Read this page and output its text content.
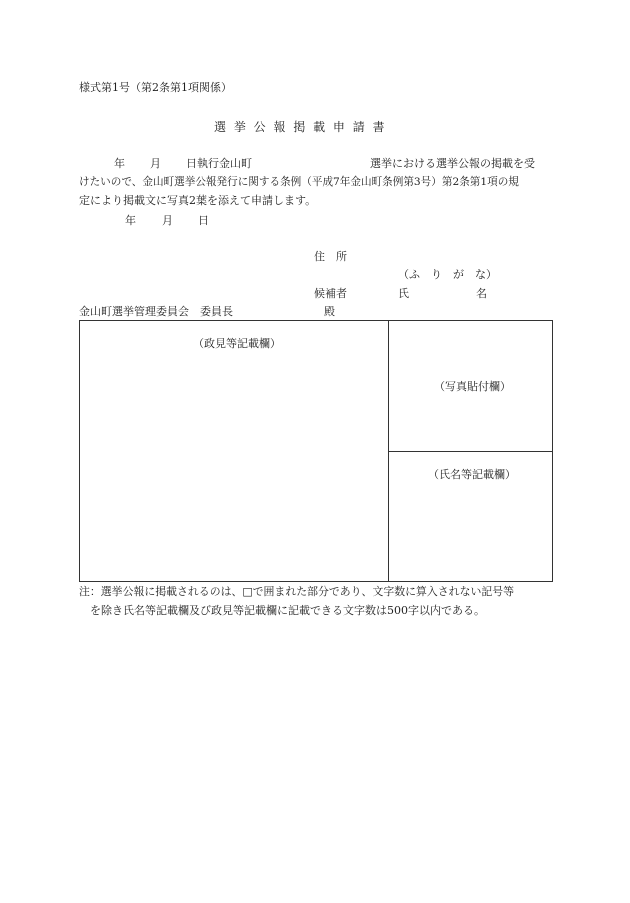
様式第1号（第2条第1項関係）
選 挙 公 報 掲 載 申 請 書
年 月 日執行金山町	選挙における選挙公報の掲載を受
けたいので、金山町選挙公報発行に関する条例（平成7年金山町条例第3号）第2条第1項の規
定により掲載文に写真2葉を添えて申請します。
年 月 日
住　所
（ふ　り　が　な）
候補者	氏	名
金山町選挙管理委員会　委員長	殿
（政見等記載欄）
（写真貼付欄）
（氏名等記載欄）
注：選挙公報に掲載されるのは、□で囲まれた部分であり、文字数に算入されない記号等
を除き氏名等記載欄及び政見等記載欄に記載できる文字数は500字以内である。
